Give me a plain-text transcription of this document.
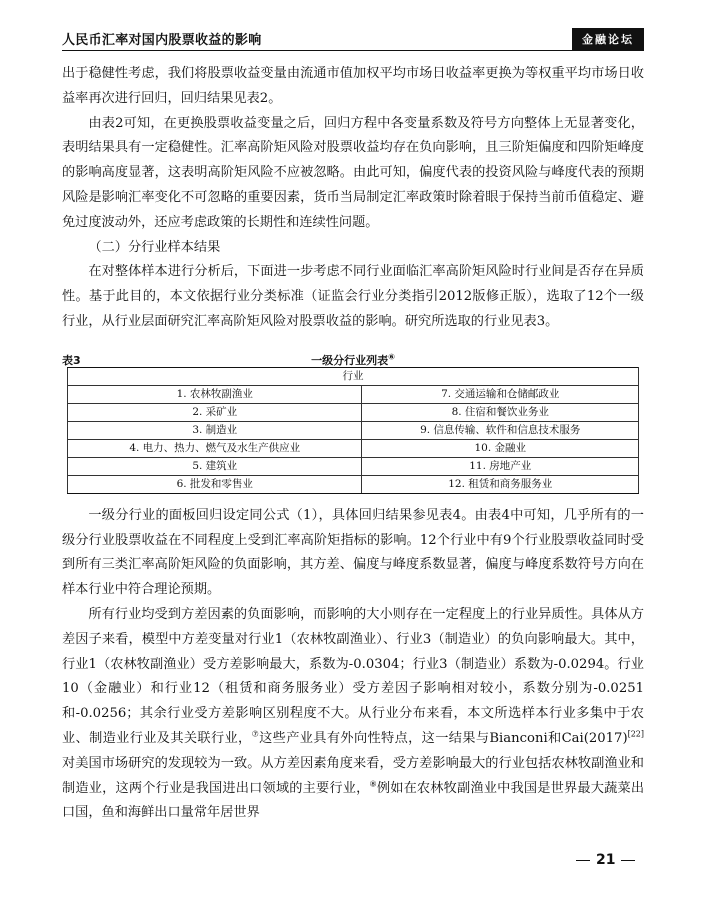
人民币汇率对国内股票收益的影响	金融论坛

出于稳健性考虑，我们将股票收益变量由流通市值加权平均市场日收益率更换为等权重平均市场日收益率再次进行回归，回归结果见表2。

由表2可知，在更换股票收益变量之后，回归方程中各变量系数及符号方向整体上无显著变化，表明结果具有一定稳健性。汇率高阶矩风险对股票收益均存在负向影响，且三阶矩偏度和四阶矩峰度的影响高度显著，这表明高阶矩风险不应被忽略。由此可知，偏度代表的投资风险与峰度代表的预期风险是影响汇率变化不可忽略的重要因素，货币当局制定汇率政策时除着眼于保持当前币值稳定、避免过度波动外，还应考虑政策的长期性和连续性问题。

（二）分行业样本结果

在对整体样本进行分析后，下面进一步考虑不同行业面临汇率高阶矩风险时行业间是否存在异质性。基于此目的，本文依据行业分类标准（证监会行业分类指引2012版修正版），选取了12个一级行业，从行业层面研究汇率高阶矩风险对股票收益的影响。研究所选取的行业见表3。

表3	一级分行业列表⑥
行业	
1. 农林牧副渔业	7. 交通运输和仓储邮政业
2. 采矿业	8. 住宿和餐饮业务业
3. 制造业	9. 信息传输、软件和信息技术服务
4. 电力、热力、燃气及水生产供应业	10. 金融业
5. 建筑业	11. 房地产业
6. 批发和零售业	12. 租赁和商务服务业

一级分行业的面板回归设定同公式（1），具体回归结果参见表4。由表4中可知，几乎所有的一级分行业股票收益在不同程度上受到汇率高阶矩指标的影响。12个行业中有9个行业股票收益同时受到所有三类汇率高阶矩风险的负面影响，其方差、偏度与峰度系数显著，偏度与峰度系数符号方向在样本行业中符合理论预期。

所有行业均受到方差因素的负面影响，而影响的大小则存在一定程度上的行业异质性。具体从方差因子来看，模型中方差变量对行业1（农林牧副渔业）、行业3（制造业）的负向影响最大。其中，行业1（农林牧副渔业）受方差影响最大，系数为-0.0304；行业3（制造业）系数为-0.0294。行业10（金融业）和行业12（租赁和商务服务业）受方差因子影响相对较小，系数分别为-0.0251和-0.0256；其余行业受方差影响区别程度不大。从行业分布来看，本文所选样本行业多集中于农业、制造业行业及其关联行业，⑦这些产业具有外向性特点，这一结果与Bianconi和Cai(2017)[22]对美国市场研究的发现较为一致。从方差因素角度来看，受方差影响最大的行业包括农林牧副渔业和制造业，这两个行业是我国进出口领域的主要行业，⑧例如在农林牧副渔业中我国是世界最大蔬菜出口国，鱼和海鲜出口量常年居世界

21
